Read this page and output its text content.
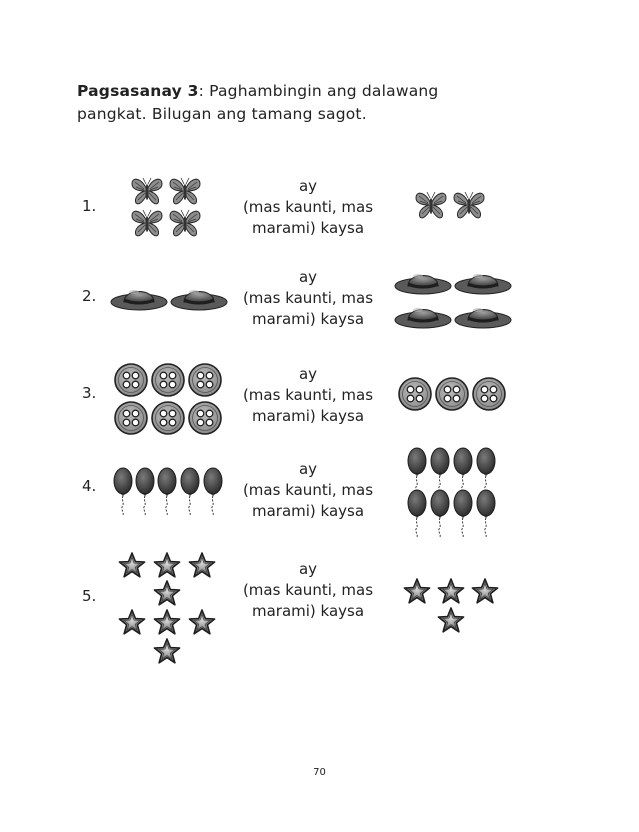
Pagsasanay 3: Paghambingin ang dalawang pangkat. Bilugan ang tamang sagot.
1.
ay
(mas kaunti, mas
marami) kaysa
2.
ay
(mas kaunti, mas
marami) kaysa
3.
ay
(mas kaunti, mas
marami) kaysa
4.
ay
(mas kaunti, mas
marami) kaysa
5.
ay
(mas kaunti, mas
marami) kaysa
70
